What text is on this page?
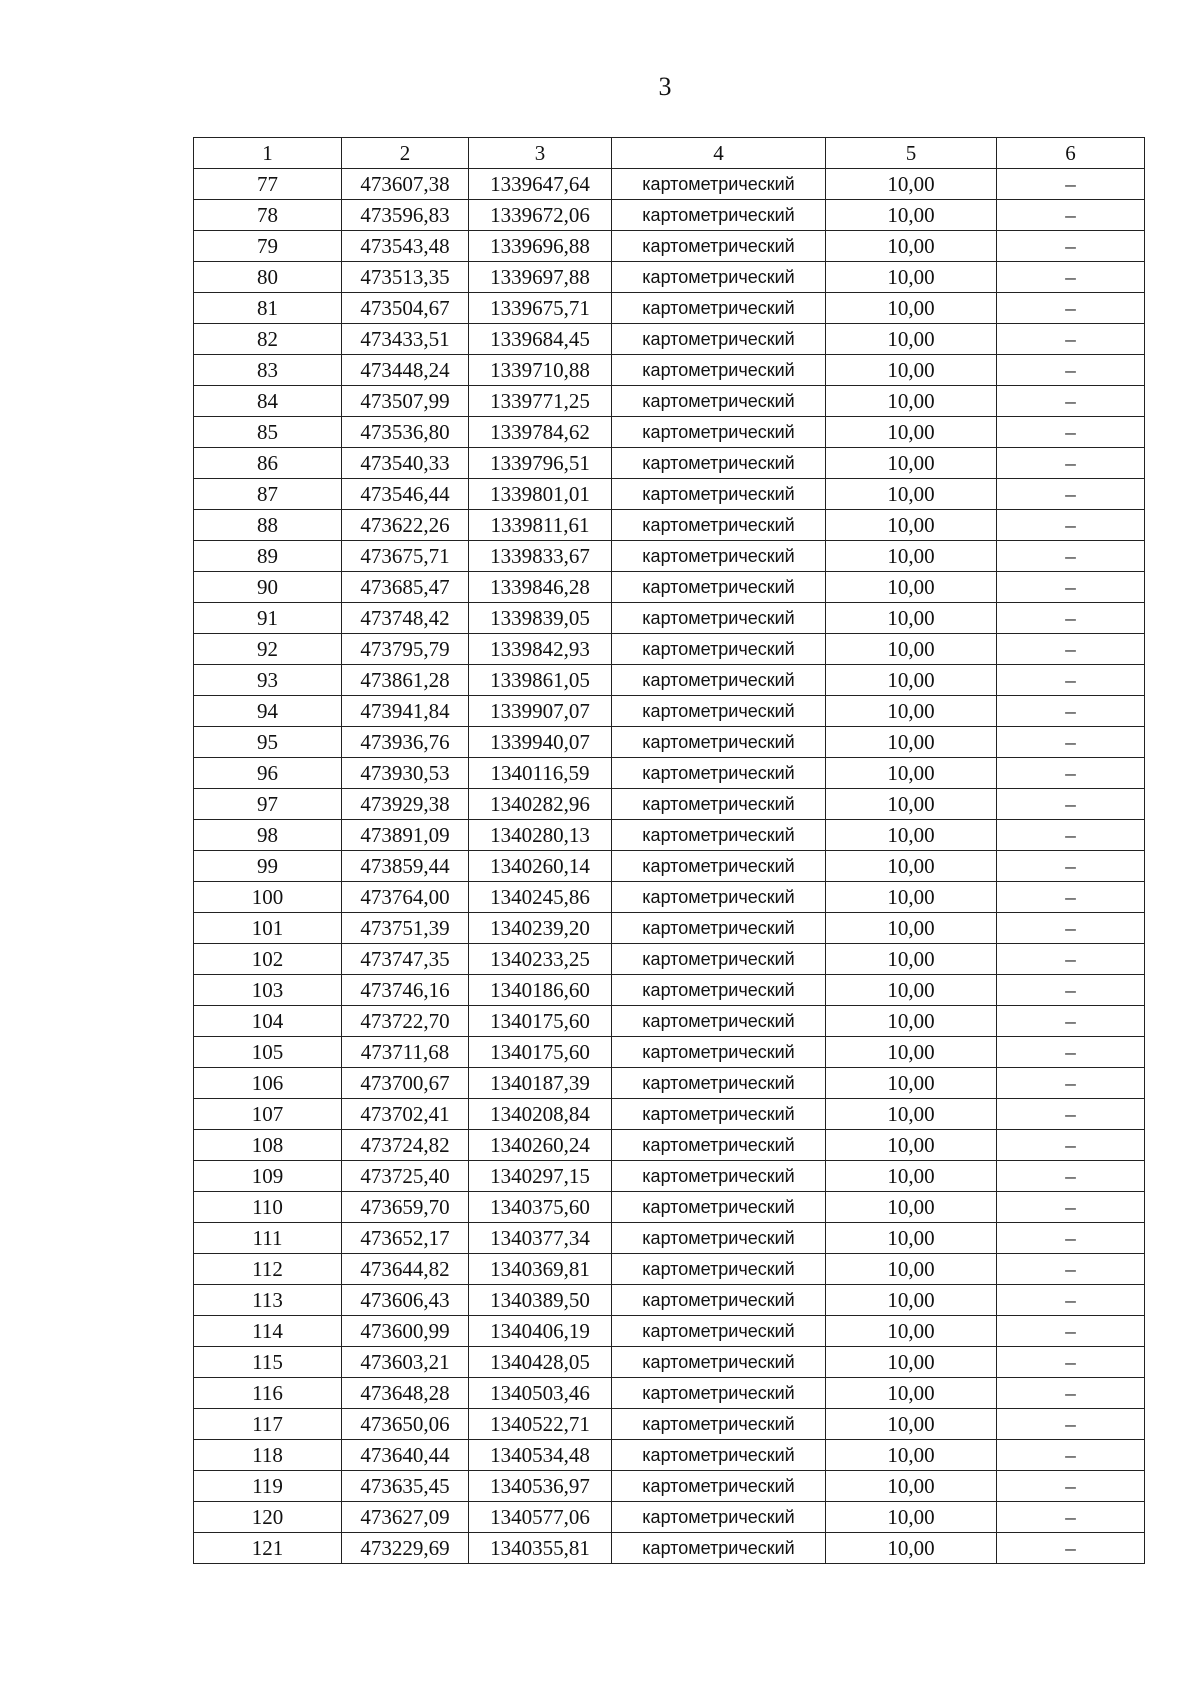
3
1	2	3	4	5	6
77	473607,38	1339647,64	картометрический	10,00	–
78	473596,83	1339672,06	картометрический	10,00	–
79	473543,48	1339696,88	картометрический	10,00	–
80	473513,35	1339697,88	картометрический	10,00	–
81	473504,67	1339675,71	картометрический	10,00	–
82	473433,51	1339684,45	картометрический	10,00	–
83	473448,24	1339710,88	картометрический	10,00	–
84	473507,99	1339771,25	картометрический	10,00	–
85	473536,80	1339784,62	картометрический	10,00	–
86	473540,33	1339796,51	картометрический	10,00	–
87	473546,44	1339801,01	картометрический	10,00	–
88	473622,26	1339811,61	картометрический	10,00	–
89	473675,71	1339833,67	картометрический	10,00	–
90	473685,47	1339846,28	картометрический	10,00	–
91	473748,42	1339839,05	картометрический	10,00	–
92	473795,79	1339842,93	картометрический	10,00	–
93	473861,28	1339861,05	картометрический	10,00	–
94	473941,84	1339907,07	картометрический	10,00	–
95	473936,76	1339940,07	картометрический	10,00	–
96	473930,53	1340116,59	картометрический	10,00	–
97	473929,38	1340282,96	картометрический	10,00	–
98	473891,09	1340280,13	картометрический	10,00	–
99	473859,44	1340260,14	картометрический	10,00	–
100	473764,00	1340245,86	картометрический	10,00	–
101	473751,39	1340239,20	картометрический	10,00	–
102	473747,35	1340233,25	картометрический	10,00	–
103	473746,16	1340186,60	картометрический	10,00	–
104	473722,70	1340175,60	картометрический	10,00	–
105	473711,68	1340175,60	картометрический	10,00	–
106	473700,67	1340187,39	картометрический	10,00	–
107	473702,41	1340208,84	картометрический	10,00	–
108	473724,82	1340260,24	картометрический	10,00	–
109	473725,40	1340297,15	картометрический	10,00	–
110	473659,70	1340375,60	картометрический	10,00	–
111	473652,17	1340377,34	картометрический	10,00	–
112	473644,82	1340369,81	картометрический	10,00	–
113	473606,43	1340389,50	картометрический	10,00	–
114	473600,99	1340406,19	картометрический	10,00	–
115	473603,21	1340428,05	картометрический	10,00	–
116	473648,28	1340503,46	картометрический	10,00	–
117	473650,06	1340522,71	картометрический	10,00	–
118	473640,44	1340534,48	картометрический	10,00	–
119	473635,45	1340536,97	картометрический	10,00	–
120	473627,09	1340577,06	картометрический	10,00	–
121	473229,69	1340355,81	картометрический	10,00	–
